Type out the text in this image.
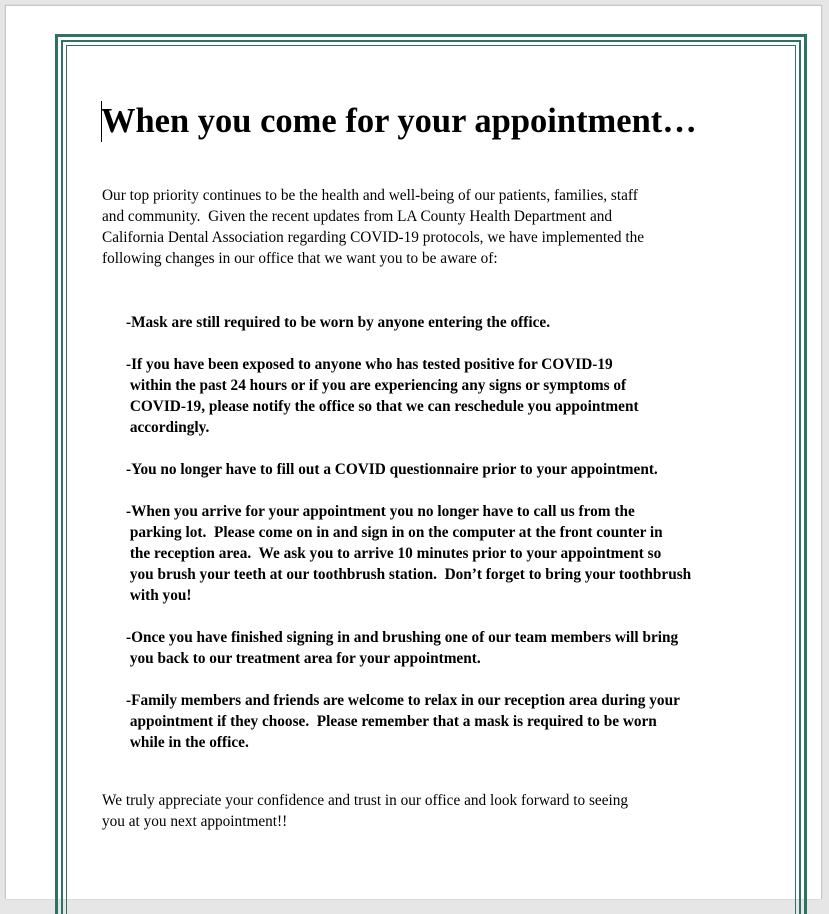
When you come for your appointment…

Our top priority continues to be the health and well-being of our patients, families, staff
and community.  Given the recent updates from LA County Health Department and
California Dental Association regarding COVID-19 protocols, we have implemented the
following changes in our office that we want you to be aware of:

-Mask are still required to be worn by anyone entering the office.
-If you have been exposed to anyone who has tested positive for COVID-19
within the past 24 hours or if you are experiencing any signs or symptoms of
COVID-19, please notify the office so that we can reschedule you appointment
accordingly.
-You no longer have to fill out a COVID questionnaire prior to your appointment.
-When you arrive for your appointment you no longer have to call us from the
parking lot.  Please come on in and sign in on the computer at the front counter in
the reception area.  We ask you to arrive 10 minutes prior to your appointment so
you brush your teeth at our toothbrush station.  Don’t forget to bring your toothbrush
with you!
-Once you have finished signing in and brushing one of our team members will bring
you back to our treatment area for your appointment.
-Family members and friends are welcome to relax in our reception area during your
appointment if they choose.  Please remember that a mask is required to be worn
while in the office.

We truly appreciate your confidence and trust in our office and look forward to seeing
you at you next appointment!!
